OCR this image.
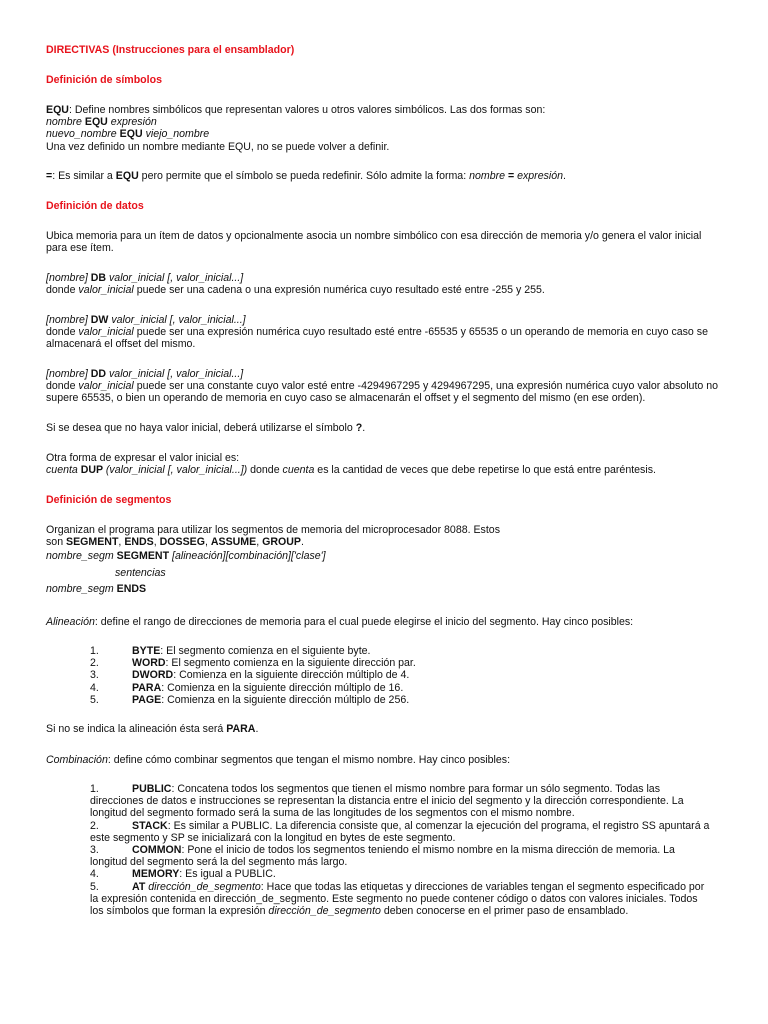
DIRECTIVAS (Instrucciones para el ensamblador)
Definición de símbolos
EQU: Define nombres simbólicos que representan valores u otros valores simbólicos. Las dos formas son:
nombre EQU expresión
nuevo_nombre EQU viejo_nombre
Una vez definido un nombre mediante EQU, no se puede volver a definir.
=: Es similar a EQU pero permite que el símbolo se pueda redefinir. Sólo admite la forma: nombre = expresión.
Definición de datos
Ubica memoria para un ítem de datos y opcionalmente asocia un nombre simbólico con esa dirección de memoria y/o genera el valor inicial para ese ítem.
[nombre] DB valor_inicial [, valor_inicial...]
donde valor_inicial puede ser una cadena o una expresión numérica cuyo resultado esté entre -255 y 255.
[nombre] DW valor_inicial [, valor_inicial...]
donde valor_inicial puede ser una expresión numérica cuyo resultado esté entre -65535 y 65535 o un operando de memoria en cuyo caso se almacenará el offset del mismo.
[nombre] DD valor_inicial [, valor_inicial...]
donde valor_inicial puede ser una constante cuyo valor esté entre -4294967295 y 4294967295, una expresión numérica cuyo valor absoluto no supere 65535, o bien un operando de memoria en cuyo caso se almacenarán el offset y el segmento del mismo (en ese orden).
Si se desea que no haya valor inicial, deberá utilizarse el símbolo ?.
Otra forma de expresar el valor inicial es:
cuenta DUP (valor_inicial [, valor_inicial...]) donde cuenta es la cantidad de veces que debe repetirse lo que está entre paréntesis.
Definición de segmentos
Organizan el programa para utilizar los segmentos de memoria del microprocesador 8088. Estos
son SEGMENT, ENDS, DOSSEG, ASSUME, GROUP.
nombre_segm SEGMENT [alineación][combinación]['clase']
sentencias
nombre_segm ENDS
Alineación: define el rango de direcciones de memoria para el cual puede elegirse el inicio del segmento. Hay cinco posibles:
1.	BYTE: El segmento comienza en el siguiente byte.
2.	WORD: El segmento comienza en la siguiente dirección par.
3.	DWORD: Comienza en la siguiente dirección múltiplo de 4.
4.	PARA: Comienza en la siguiente dirección múltiplo de 16.
5.	PAGE: Comienza en la siguiente dirección múltiplo de 256.
Si no se indica la alineación ésta será PARA.
Combinación: define cómo combinar segmentos que tengan el mismo nombre. Hay cinco posibles:
1.	PUBLIC: Concatena todos los segmentos que tienen el mismo nombre para formar un sólo segmento. Todas las direcciones de datos e instrucciones se representan la distancia entre el inicio del segmento y la dirección correspondiente. La longitud del segmento formado será la suma de las longitudes de los segmentos con el mismo nombre.
2.	STACK: Es similar a PUBLIC. La diferencia consiste que, al comenzar la ejecución del programa, el registro SS apuntará a este segmento y SP se inicializará con la longitud en bytes de este segmento.
3.	COMMON: Pone el inicio de todos los segmentos teniendo el mismo nombre en la misma dirección de memoria. La longitud del segmento será la del segmento más largo.
4.	MEMORY: Es igual a PUBLIC.
5.	AT dirección_de_segmento: Hace que todas las etiquetas y direcciones de variables tengan el segmento especificado por la expresión contenida en dirección_de_segmento. Este segmento no puede contener código o datos con valores iniciales. Todos los símbolos que forman la expresión dirección_de_segmento deben conocerse en el primer paso de ensamblado.
